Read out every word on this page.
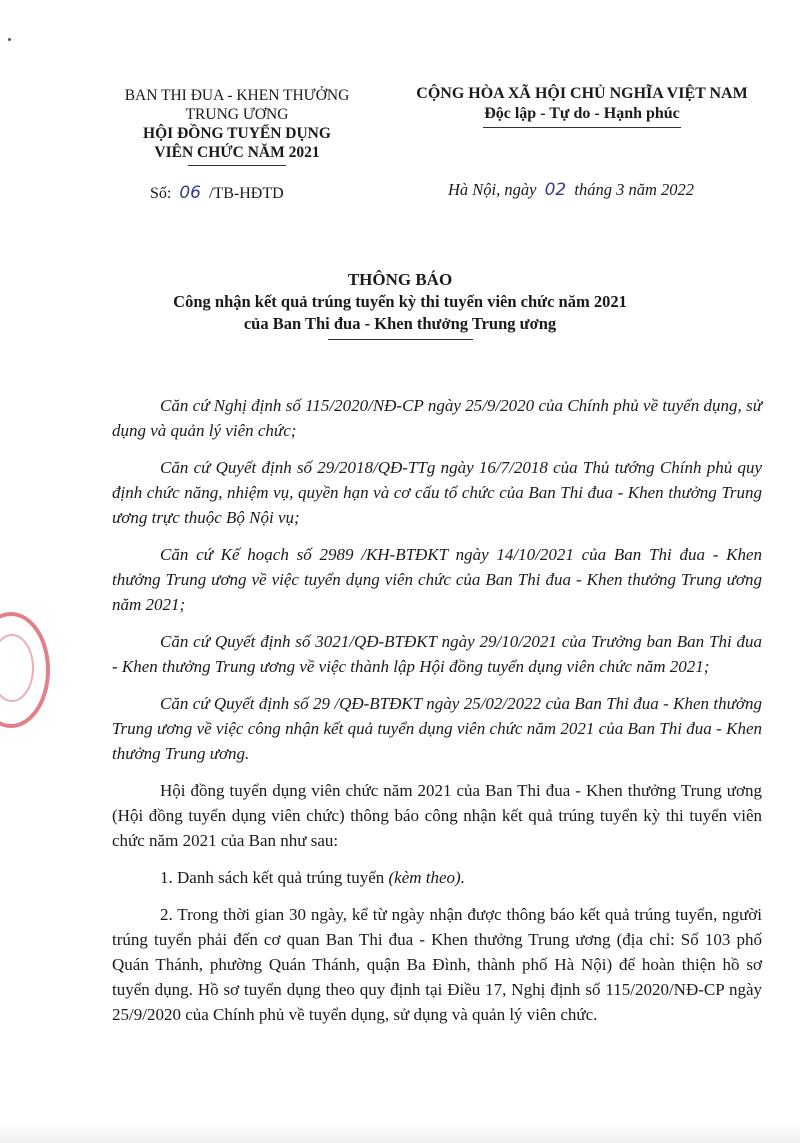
BAN THI ĐUA - KHEN THƯỞNG
TRUNG ƯƠNG
HỘI ĐỒNG TUYỂN DỤNG
VIÊN CHỨC NĂM 2021
CỘNG HÒA XÃ HỘI CHỦ NGHĨA VIỆT NAM
Độc lập - Tự do - Hạnh phúc
Số: 06 /TB-HĐTD	Hà Nội, ngày 02 tháng 3 năm 2022
THÔNG BÁO
Công nhận kết quả trúng tuyển kỳ thi tuyển viên chức năm 2021
của Ban Thi đua - Khen thưởng Trung ương

Căn cứ Nghị định số 115/2020/NĐ-CP ngày 25/9/2020 của Chính phủ về tuyển dụng, sử dụng và quản lý viên chức;

Căn cứ Quyết định số 29/2018/QĐ-TTg ngày 16/7/2018 của Thủ tướng Chính phủ quy định chức năng, nhiệm vụ, quyền hạn và cơ cấu tổ chức của Ban Thi đua - Khen thưởng Trung ương trực thuộc Bộ Nội vụ;

Căn cứ Kế hoạch số 2989 /KH-BTĐKT ngày 14/10/2021 của Ban Thi đua - Khen thưởng Trung ương về việc tuyển dụng viên chức của Ban Thi đua - Khen thưởng Trung ương năm 2021;

Căn cứ Quyết định số 3021/QĐ-BTĐKT ngày 29/10/2021 của Trưởng ban Ban Thi đua - Khen thưởng Trung ương về việc thành lập Hội đồng tuyển dụng viên chức năm 2021;

Căn cứ Quyết định số 29 /QĐ-BTĐKT ngày 25/02/2022 của Ban Thi đua - Khen thưởng Trung ương về việc công nhận kết quả tuyển dụng viên chức năm 2021 của Ban Thi đua - Khen thưởng Trung ương.

Hội đồng tuyển dụng viên chức năm 2021 của Ban Thi đua - Khen thưởng Trung ương (Hội đồng tuyển dụng viên chức) thông báo công nhận kết quả trúng tuyển kỳ thi tuyển viên chức năm 2021 của Ban như sau:

1. Danh sách kết quả trúng tuyển (kèm theo).

2. Trong thời gian 30 ngày, kể từ ngày nhận được thông báo kết quả trúng tuyển, người trúng tuyển phải đến cơ quan Ban Thi đua - Khen thưởng Trung ương (địa chỉ: Số 103 phố Quán Thánh, phường Quán Thánh, quận Ba Đình, thành phố Hà Nội) để hoàn thiện hồ sơ tuyển dụng. Hồ sơ tuyển dụng theo quy định tại Điều 17, Nghị định số 115/2020/NĐ-CP ngày 25/9/2020 của Chính phủ về tuyển dụng, sử dụng và quản lý viên chức.
